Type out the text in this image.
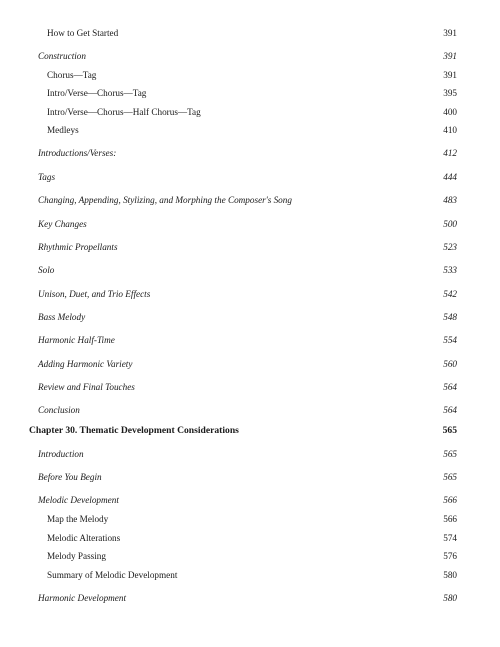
How to Get Started	391
Construction	391
Chorus—Tag	391
Intro/Verse—Chorus—Tag	395
Intro/Verse—Chorus—Half Chorus—Tag	400
Medleys	410
Introductions/Verses:	412
Tags	444
Changing, Appending, Stylizing, and Morphing the Composer's Song	483
Key Changes	500
Rhythmic Propellants	523
Solo	533
Unison, Duet, and Trio Effects	542
Bass Melody	548
Harmonic Half-Time	554
Adding Harmonic Variety	560
Review and Final Touches	564
Conclusion	564
Chapter 30. Thematic Development Considerations	565
Introduction	565
Before You Begin	565
Melodic Development	566
Map the Melody	566
Melodic Alterations	574
Melody Passing	576
Summary of Melodic Development	580
Harmonic Development	580
